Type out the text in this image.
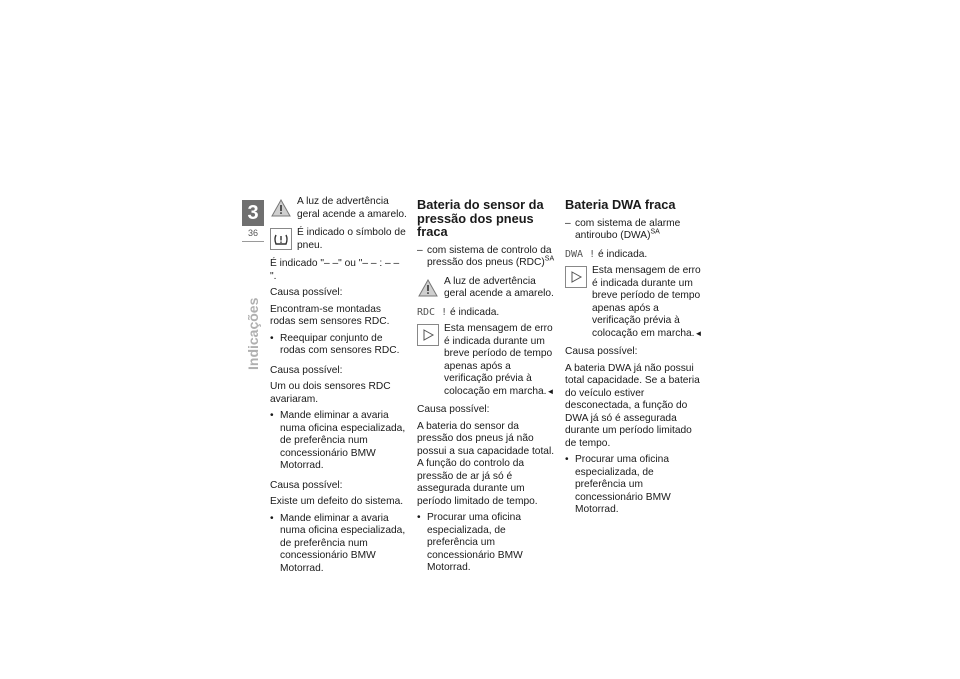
3
36
Indicações
A luz de advertência geral acende a amarelo.
É indicado o símbolo de pneu.

É indicado "– –" ou "– – : – – ".

Causa possível:

Encontram-se montadas rodas sem sensores RDC.

• Reequipar conjunto de rodas com sensores RDC.

Causa possível:

Um ou dois sensores RDC avariaram.

• Mande eliminar a avaria numa oficina especializada, de preferência num concessionário BMW Motorrad.

Causa possível:

Existe um defeito do sistema.

• Mande eliminar a avaria numa oficina especializada, de preferência num concessionário BMW Motorrad.
Bateria do sensor da pressão dos pneus fraca
– com sistema de controlo da pressão dos pneus (RDC)$^{SA}$
A luz de advertência geral acende a amarelo.

RDC ! é indicada.

Esta mensagem de erro é indicada durante um breve período de tempo apenas após a verificação prévia à colocação em marcha.◄

Causa possível:

A bateria do sensor da pressão dos pneus já não possui a sua capacidade total. A função do controlo da pressão de ar já só é assegurada durante um período limitado de tempo.

• Procurar uma oficina especializada, de preferência um concessionário BMW Motorrad.
Bateria DWA fraca
– com sistema de alarme antiroubo (DWA)$^{SA}$

DWA ! é indicada.

Esta mensagem de erro é indicada durante um breve período de tempo apenas após a verificação prévia à colocação em marcha.◄

Causa possível:

A bateria DWA já não possui total capacidade. Se a bateria do veículo estiver desconectada, a função do DWA já só é assegurada durante um período limitado de tempo.

• Procurar uma oficina especializada, de preferência um concessionário BMW Motorrad.
